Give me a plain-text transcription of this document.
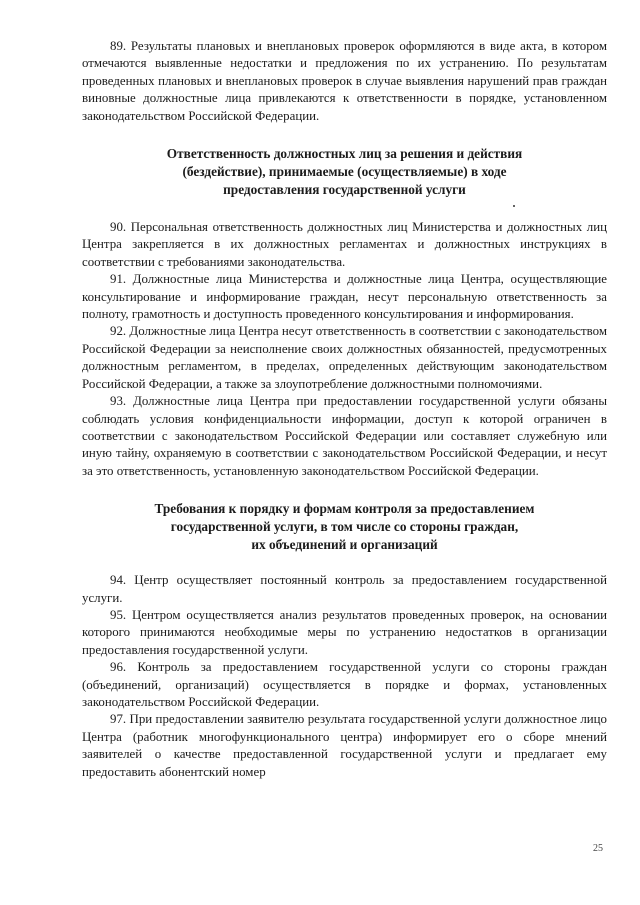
89. Результаты плановых и внеплановых проверок оформляются в виде акта, в котором отмечаются выявленные недостатки и предложения по их устранению. По результатам проведенных плановых и внеплановых проверок в случае выявления нарушений прав граждан виновные должностные лица привлекаются к ответственности в порядке, установленном законодательством Российской Федерации.

Ответственность должностных лиц за решения и действия
(бездействие), принимаемые (осуществляемые) в ходе
предоставления государственной услуги

90. Персональная ответственность должностных лиц Министерства и должностных лиц Центра закрепляется в их должностных регламентах и должностных инструкциях в соответствии с требованиями законодательства.

91. Должностные лица Министерства и должностные лица Центра, осуществляющие консультирование и информирование граждан, несут персональную ответственность за полноту, грамотность и доступность проведенного консультирования и информирования.

92. Должностные лица Центра несут ответственность в соответствии с законодательством Российской Федерации за неисполнение своих должностных обязанностей, предусмотренных должностным регламентом, в пределах, определенных действующим законодательством Российской Федерации, а также за злоупотребление должностными полномочиями.

93. Должностные лица Центра при предоставлении государственной услуги обязаны соблюдать условия конфиденциальности информации, доступ к которой ограничен в соответствии с законодательством Российской Федерации или составляет служебную или иную тайну, охраняемую в соответствии с законодательством Российской Федерации, и несут за это ответственность, установленную законодательством Российской Федерации.

Требования к порядку и формам контроля за предоставлением
государственной услуги, в том числе со стороны граждан,
их объединений и организаций

94. Центр осуществляет постоянный контроль за предоставлением государственной услуги.

95. Центром осуществляется анализ результатов проведенных проверок, на основании которого принимаются необходимые меры по устранению недостатков в организации предоставления государственной услуги.

96. Контроль за предоставлением государственной услуги со стороны граждан (объединений, организаций) осуществляется в порядке и формах, установленных законодательством Российской Федерации.

97. При предоставлении заявителю результата государственной услуги должностное лицо Центра (работник многофункционального центра) информирует его о сборе мнений заявителей о качестве предоставленной государственной услуги и предлагает ему предоставить абонентский номер

25
